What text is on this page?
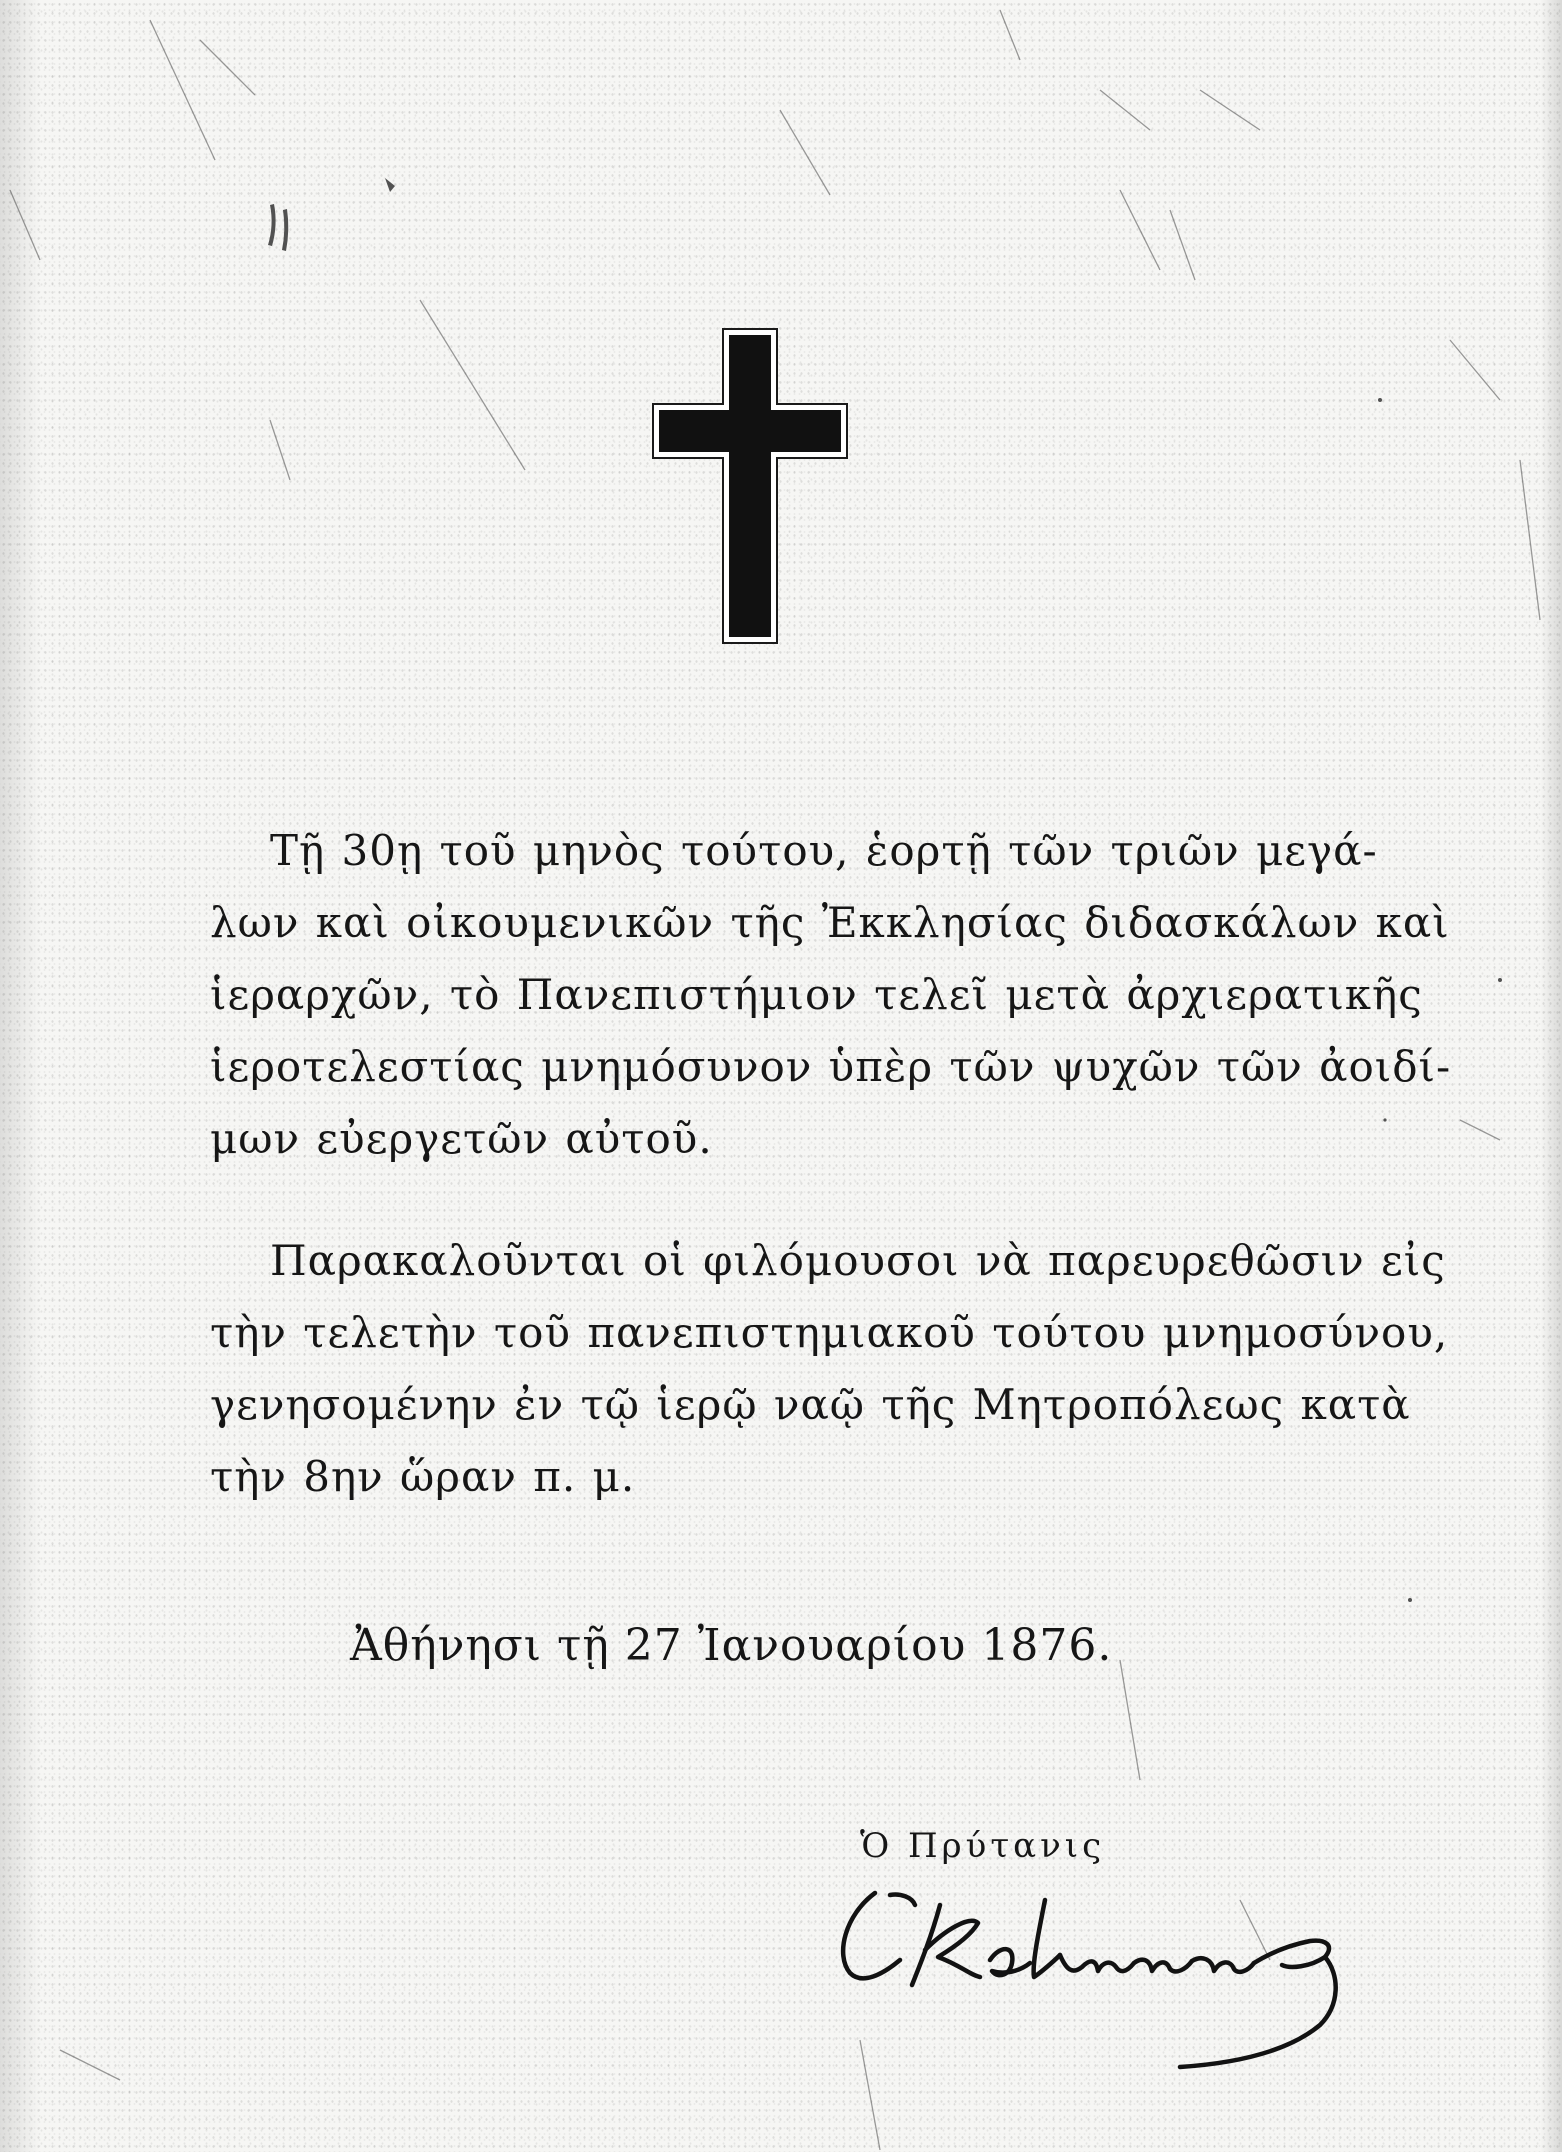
Τῇ 30ῃ τοῦ μηνὸς τούτου, ἑορτῇ τῶν τριῶν μεγά-
λων καὶ οἰκουμενικῶν τῆς Ἐκκλησίας διδασκάλων καὶ
ἱεραρχῶν, τὸ Πανεπιστήμιον τελεῖ μετὰ ἀρχιερατικῆς
ἱεροτελεστίας μνημόσυνον ὑπὲρ τῶν ψυχῶν τῶν ἀοιδί-
μων εὐεργετῶν αὐτοῦ.
Παρακαλοῦνται οἱ φιλόμουσοι νὰ παρευρεθῶσιν εἰς
τὴν τελετὴν τοῦ πανεπιστημιακοῦ τούτου μνημοσύνου,
γενησομένην ἐν τῷ ἱερῷ ναῷ τῆς Μητροπόλεως κατὰ
τὴν 8ην ὥραν π. μ.
Ἀθήνησι τῇ 27 Ἰανουαρίου 1876.
Ὁ Πρύτανις
